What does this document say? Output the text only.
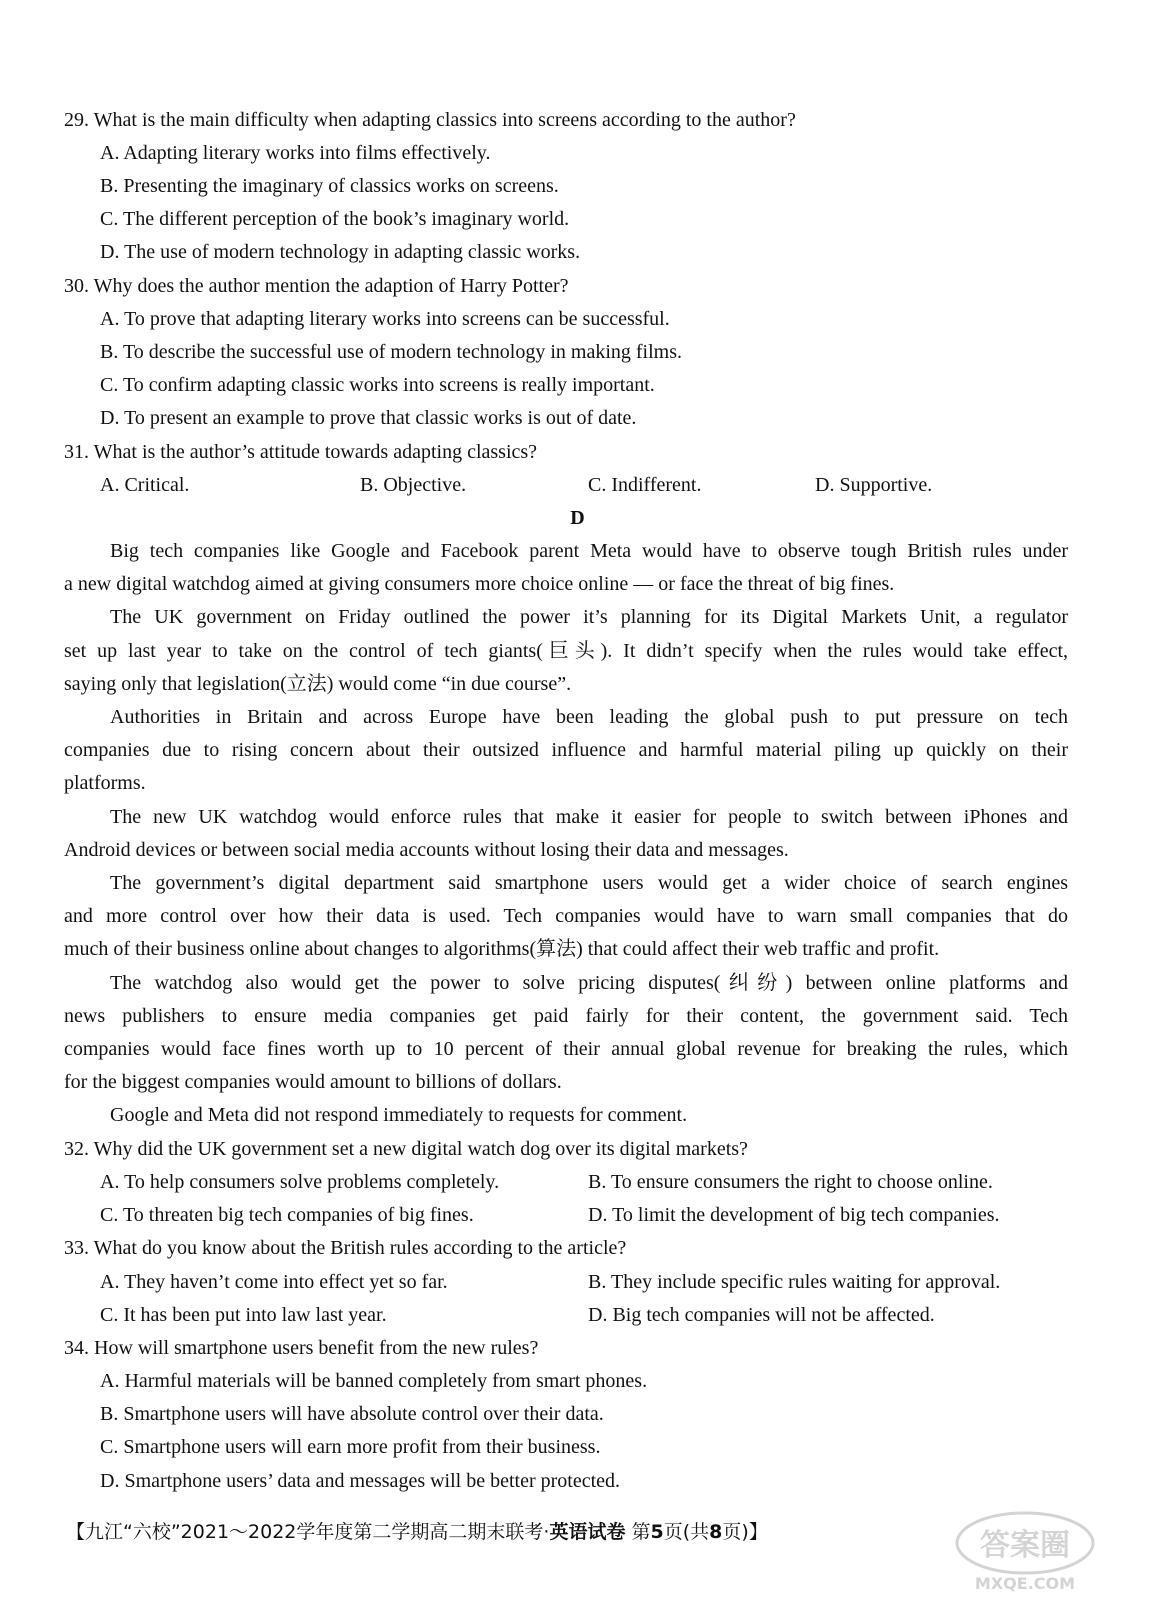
29. What is the main difficulty when adapting classics into screens according to the author?
A. Adapting literary works into films effectively.
B. Presenting the imaginary of classics works on screens.
C. The different perception of the book’s imaginary world.
D. The use of modern technology in adapting classic works.
30. Why does the author mention the adaption of Harry Potter?
A. To prove that adapting literary works into screens can be successful.
B. To describe the successful use of modern technology in making films.
C. To confirm adapting classic works into screens is really important.
D. To present an example to prove that classic works is out of date.
31. What is the author’s attitude towards adapting classics?
A. Critical.	B. Objective.	C. Indifferent.	D. Supportive.
D
Big tech companies like Google and Facebook parent Meta would have to observe tough British rules under
a new digital watchdog aimed at giving consumers more choice online — or face the threat of big fines.
The UK government on Friday outlined the power it’s planning for its Digital Markets Unit, a regulator
set up last year to take on the control of tech giants(巨头). It didn’t specify when the rules would take effect,
saying only that legislation(立法) would come “in due course”.
Authorities in Britain and across Europe have been leading the global push to put pressure on tech
companies due to rising concern about their outsized influence and harmful material piling up quickly on their
platforms.
The new UK watchdog would enforce rules that make it easier for people to switch between iPhones and
Android devices or between social media accounts without losing their data and messages.
The government’s digital department said smartphone users would get a wider choice of search engines
and more control over how their data is used. Tech companies would have to warn small companies that do
much of their business online about changes to algorithms(算法) that could affect their web traffic and profit.
The watchdog also would get the power to solve pricing disputes(纠纷) between online platforms and
news publishers to ensure media companies get paid fairly for their content, the government said. Tech
companies would face fines worth up to 10 percent of their annual global revenue for breaking the rules, which
for the biggest companies would amount to billions of dollars.
Google and Meta did not respond immediately to requests for comment.
32. Why did the UK government set a new digital watch dog over its digital markets?
A. To help consumers solve problems completely.	B. To ensure consumers the right to choose online.
C. To threaten big tech companies of big fines.	D. To limit the development of big tech companies.
33. What do you know about the British rules according to the article?
A. They haven’t come into effect yet so far.	B. They include specific rules waiting for approval.
C. It has been put into law last year.	D. Big tech companies will not be affected.
34. How will smartphone users benefit from the new rules?
A. Harmful materials will be banned completely from smart phones.
B. Smartphone users will have absolute control over their data.
C. Smartphone users will earn more profit from their business.
D. Smartphone users’ data and messages will be better protected.
【九江“六校”2021～2022学年度第二学期高二期末联考·英语试卷 第5页(共8页)】	答案圈
MXQE.COM
